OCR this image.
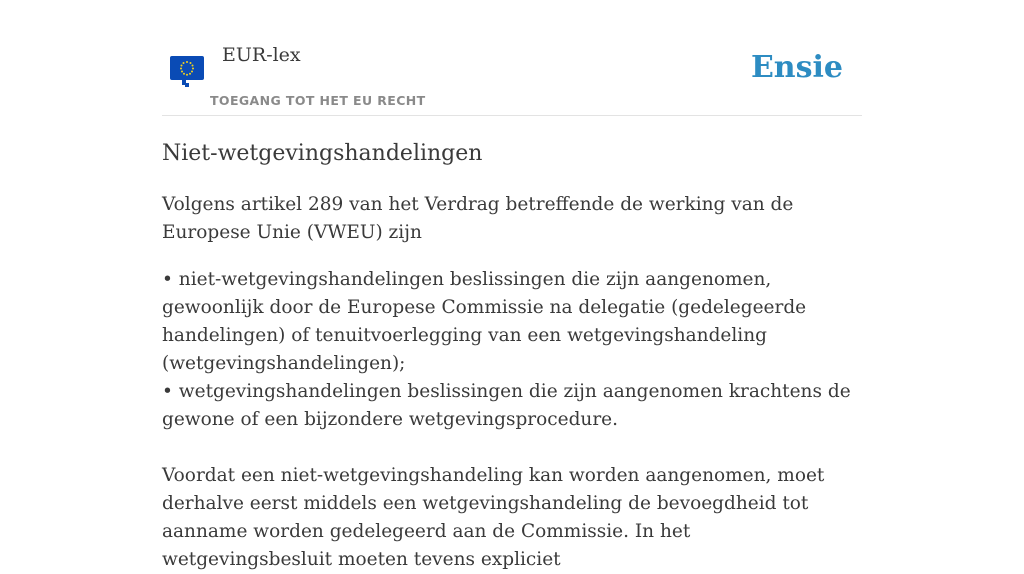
EUR-lex
TOEGANG TOT HET EU RECHT
Ensie
Niet-wetgevingshandelingen

Volgens artikel 289 van het Verdrag betreffende de werking van de Europese Unie (VWEU) zijn

• niet-wetgevingshandelingen beslissingen die zijn aangenomen, gewoonlijk door de Europese Commissie na delegatie (gedelegeerde handelingen) of tenuitvoerlegging van een wetgevingshandeling (wetgevingshandelingen);
• wetgevingshandelingen beslissingen die zijn aangenomen krachtens de gewone of een bijzondere wetgevingsprocedure.

Voordat een niet-wetgevingshandeling kan worden aangenomen, moet derhalve eerst middels een wetgevingshandeling de bevoegdheid tot aanname worden gedelegeerd aan de Commissie. In het wetgevingsbesluit moeten tevens expliciet
